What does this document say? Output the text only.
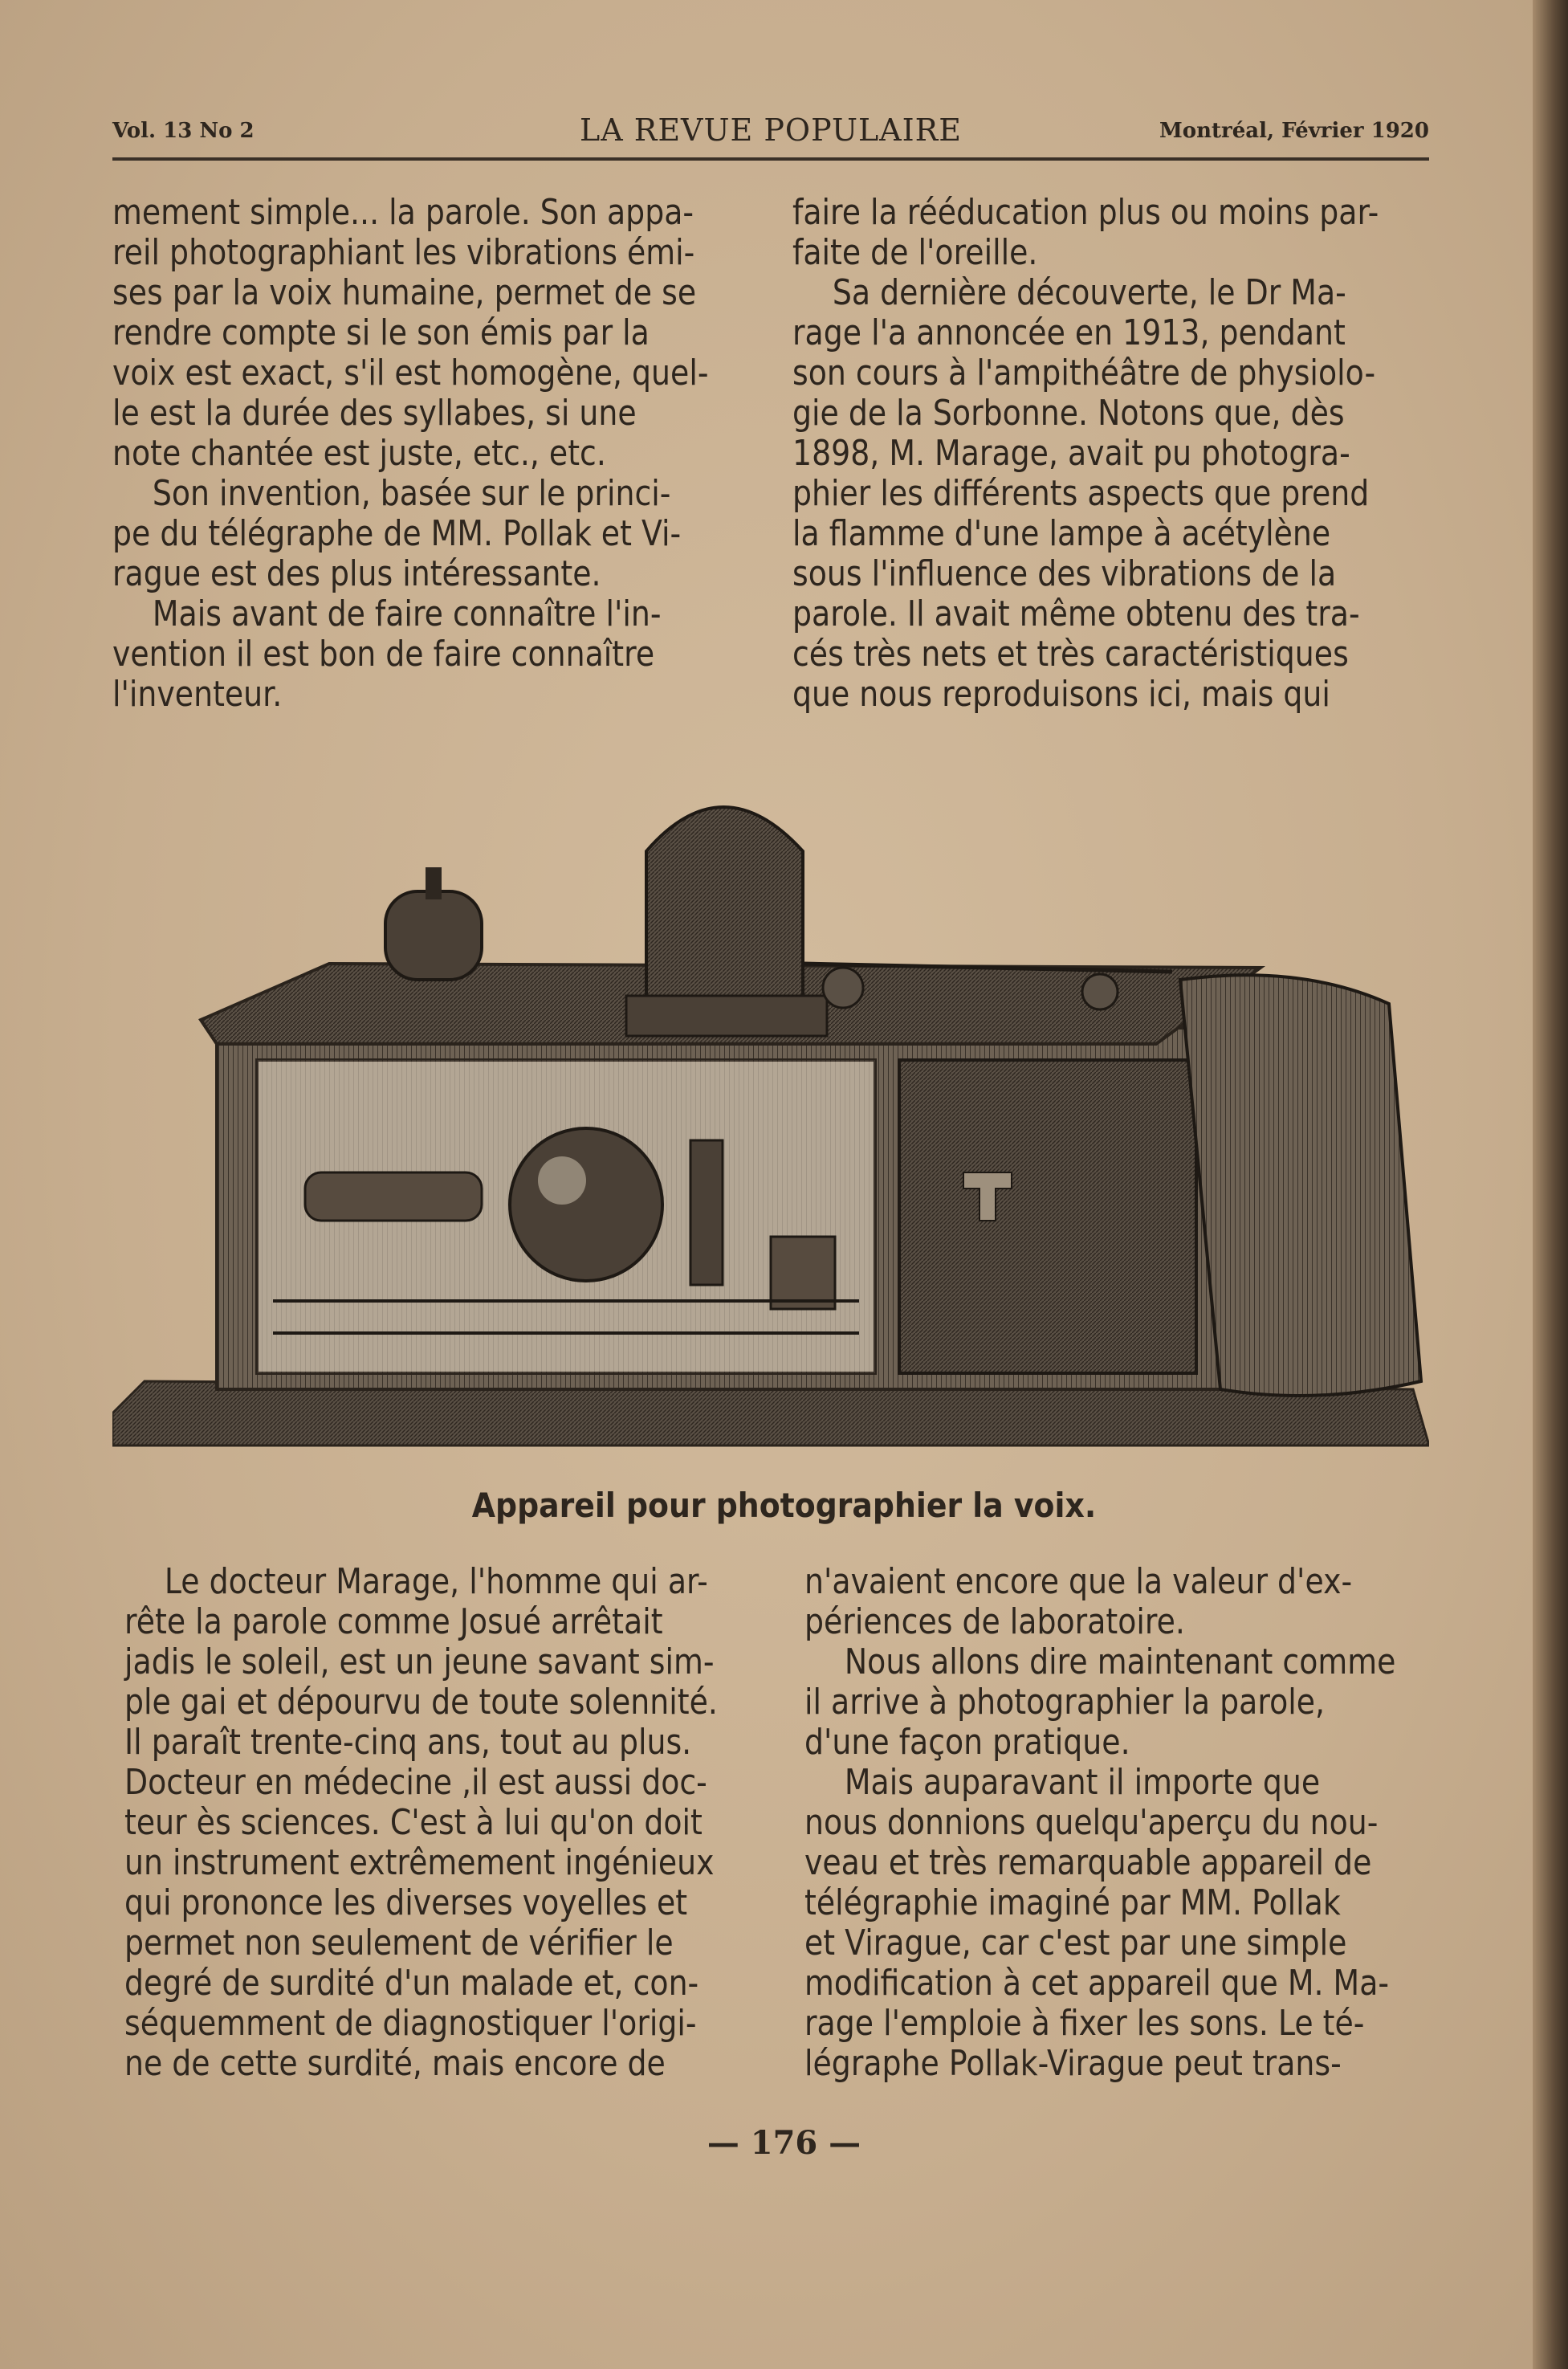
Vol. 13 No 2	LA REVUE POPULAIRE	Montréal, Février 1920

mement simple... la parole. Son appa-

reil photographiant les vibrations émi-

ses par la voix humaine, permet de se

rendre compte si le son émis par la

voix est exact, s'il est homogène, quel-

le est la durée des syllabes, si une

note chantée est juste, etc., etc.

Son invention, basée sur le princi-

pe du télégraphe de MM. Pollak et Vi-

rague est des plus intéressante.

Mais avant de faire connaître l'in-

vention il est bon de faire connaître

l'inventeur.

faire la rééducation plus ou moins par-

faite de l'oreille.

Sa dernière découverte, le Dr Ma-

rage l'a annoncée en 1913, pendant

son cours à l'ampithéâtre de physiolo-

gie de la Sorbonne. Notons que, dès

1898, M. Marage, avait pu photogra-

phier les différents aspects que prend

la flamme d'une lampe à acétylène

sous l'influence des vibrations de la

parole. Il avait même obtenu des tra-

cés très nets et très caractéristiques

que nous reproduisons ici, mais qui

Appareil pour photographier la voix.

Le docteur Marage, l'homme qui ar-

rête la parole comme Josué arrêtait

jadis le soleil, est un jeune savant sim-

ple gai et dépourvu de toute solennité.

Il paraît trente-cinq ans, tout au plus.

Docteur en médecine ,il est aussi doc-

teur ès sciences. C'est à lui qu'on doit

un instrument extrêmement ingénieux

qui prononce les diverses voyelles et

permet non seulement de vérifier le

degré de surdité d'un malade et, con-

séquemment de diagnostiquer l'origi-

ne de cette surdité, mais encore de

n'avaient encore que la valeur d'ex-

périences de laboratoire.

Nous allons dire maintenant comme

il arrive à photographier la parole,

d'une façon pratique.

Mais auparavant il importe que

nous donnions quelqu'aperçu du nou-

veau et très remarquable appareil de

télégraphie imaginé par MM. Pollak

et Virague, car c'est par une simple

modification à cet appareil que M. Ma-

rage l'emploie à fixer les sons. Le té-

légraphe Pollak-Virague peut trans-

— 176 —
